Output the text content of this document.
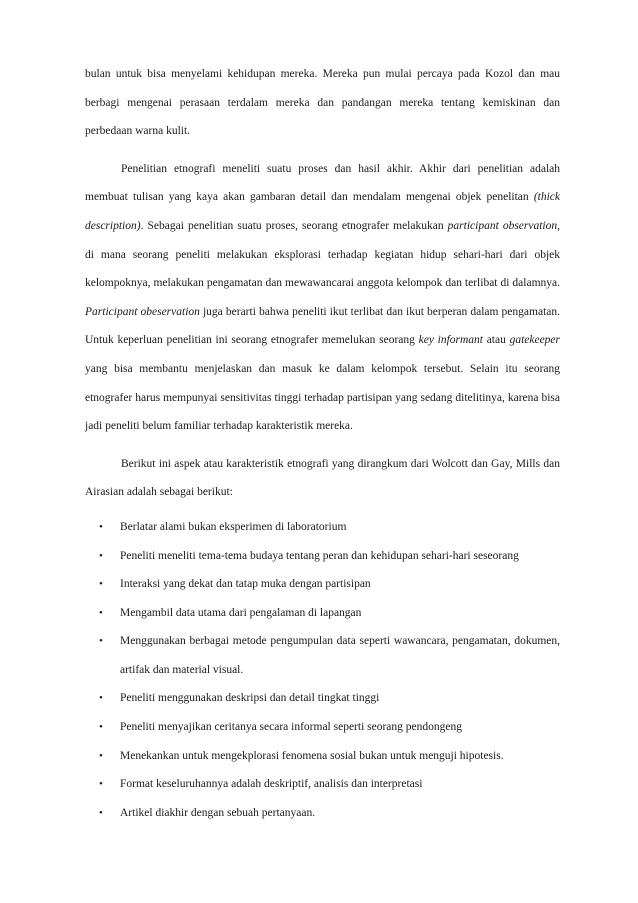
bulan untuk bisa menyelami kehidupan mereka. Mereka pun mulai percaya pada Kozol dan mau berbagi mengenai perasaan terdalam mereka dan pandangan mereka tentang kemiskinan dan perbedaan warna kulit.

Penelitian etnografi meneliti suatu proses dan hasil akhir. Akhir dari penelitian adalah membuat tulisan yang kaya akan gambaran detail dan mendalam mengenai objek penelitan (thick description). Sebagai penelitian suatu proses, seorang etnografer melakukan participant observation, di mana seorang peneliti melakukan eksplorasi terhadap kegiatan hidup sehari-hari dari objek kelompoknya, melakukan pengamatan dan mewawancarai anggota kelompok dan terlibat di dalamnya. Participant obeservation juga berarti bahwa peneliti ikut terlibat dan ikut berperan dalam pengamatan. Untuk keperluan penelitian ini seorang etnografer memelukan seorang key informant atau gatekeeper yang bisa membantu menjelaskan dan masuk ke dalam kelompok tersebut. Selain itu seorang etnografer harus mempunyai sensitivitas tinggi terhadap partisipan yang sedang ditelitinya, karena bisa jadi peneliti belum familiar terhadap karakteristik mereka.

Berikut ini aspek atau karakteristik etnografi yang dirangkum dari Wolcott dan Gay, Mills dan Airasian adalah sebagai berikut:

• Berlatar alami bukan eksperimen di laboratorium
• Peneliti meneliti tema-tema budaya tentang peran dan kehidupan sehari-hari seseorang
• Interaksi yang dekat dan tatap muka dengan partisipan
• Mengambil data utama dari pengalaman di lapangan
• Menggunakan berbagai metode pengumpulan data seperti wawancara, pengamatan, dokumen, artifak dan material visual.
• Peneliti menggunakan deskripsi dan detail tingkat tinggi
• Peneliti menyajikan ceritanya secara informal seperti seorang pendongeng
• Menekankan untuk mengekplorasi fenomena sosial bukan untuk menguji hipotesis.
• Format keseluruhannya adalah deskriptif, analisis dan interpretasi
• Artikel diakhir dengan sebuah pertanyaan.
